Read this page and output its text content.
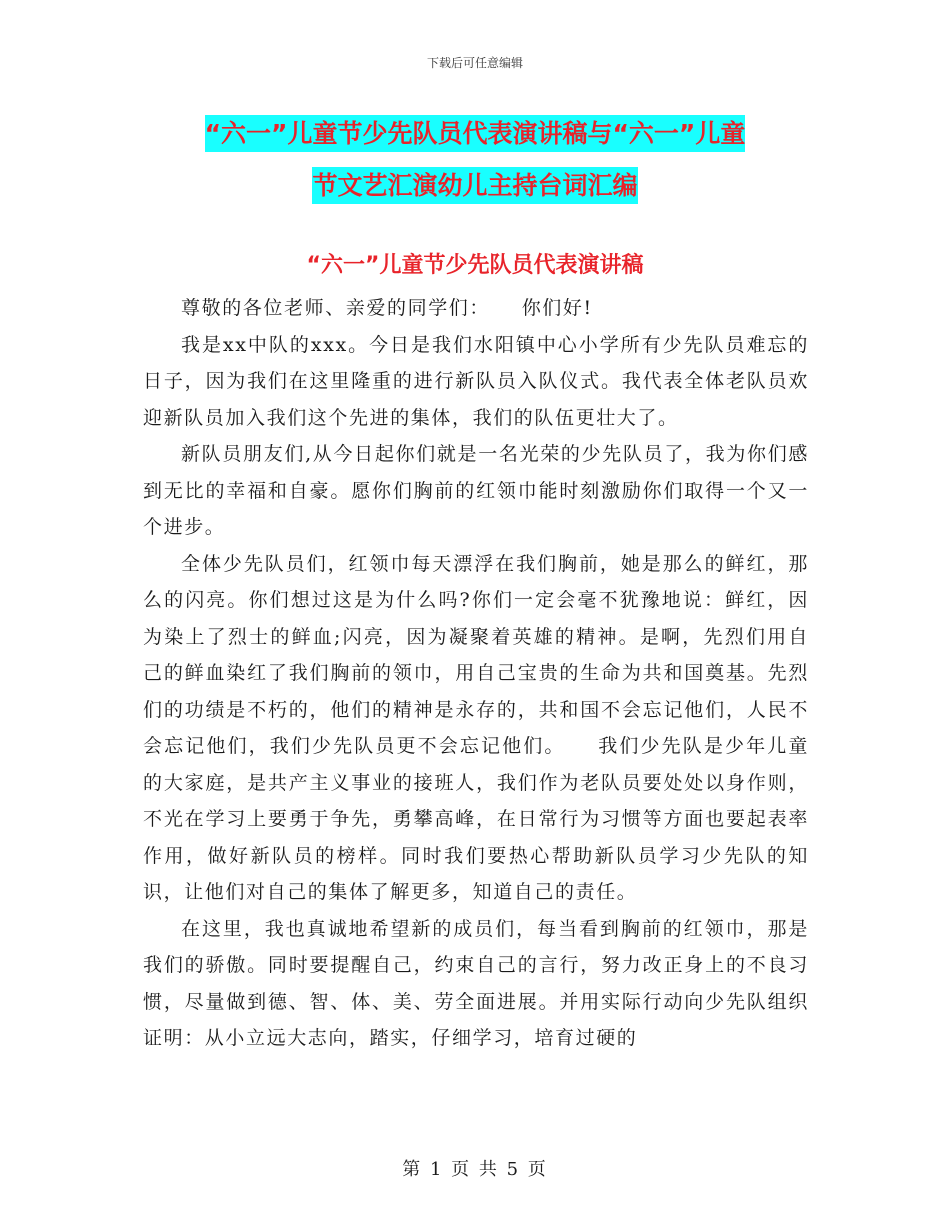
下载后可任意编辑
“六一”儿童节少先队员代表演讲稿与“六一”儿童
节文艺汇演幼儿主持台词汇编
“六一”儿童节少先队员代表演讲稿

尊敬的各位老师、亲爱的同学们：　　你们好!

我是xx中队的xxx。今日是我们水阳镇中心小学所有少先队员难忘的日子，因为我们在这里隆重的进行新队员入队仪式。我代表全体老队员欢迎新队员加入我们这个先进的集体，我们的队伍更壮大了。

新队员朋友们,从今日起你们就是一名光荣的少先队员了，我为你们感到无比的幸福和自豪。愿你们胸前的红领巾能时刻激励你们取得一个又一个进步。

全体少先队员们，红领巾每天漂浮在我们胸前，她是那么的鲜红，那么的闪亮。你们想过这是为什么吗?你们一定会毫不犹豫地说：鲜红，因为染上了烈士的鲜血;闪亮，因为凝聚着英雄的精神。是啊，先烈们用自己的鲜血染红了我们胸前的领巾，用自己宝贵的生命为共和国奠基。先烈们的功绩是不朽的，他们的精神是永存的，共和国不会忘记他们，人民不会忘记他们，我们少先队员更不会忘记他们。　　我们少先队是少年儿童的大家庭，是共产主义事业的接班人，我们作为老队员要处处以身作则，不光在学习上要勇于争先，勇攀高峰，在日常行为习惯等方面也要起表率作用，做好新队员的榜样。同时我们要热心帮助新队员学习少先队的知识，让他们对自己的集体了解更多，知道自己的责任。

在这里，我也真诚地希望新的成员们，每当看到胸前的红领巾，那是我们的骄傲。同时要提醒自己，约束自己的言行，努力改正身上的不良习惯，尽量做到德、智、体、美、劳全面进展。并用实际行动向少先队组织证明：从小立远大志向，踏实，仔细学习，培育过硬的

第 1 页 共 5 页
